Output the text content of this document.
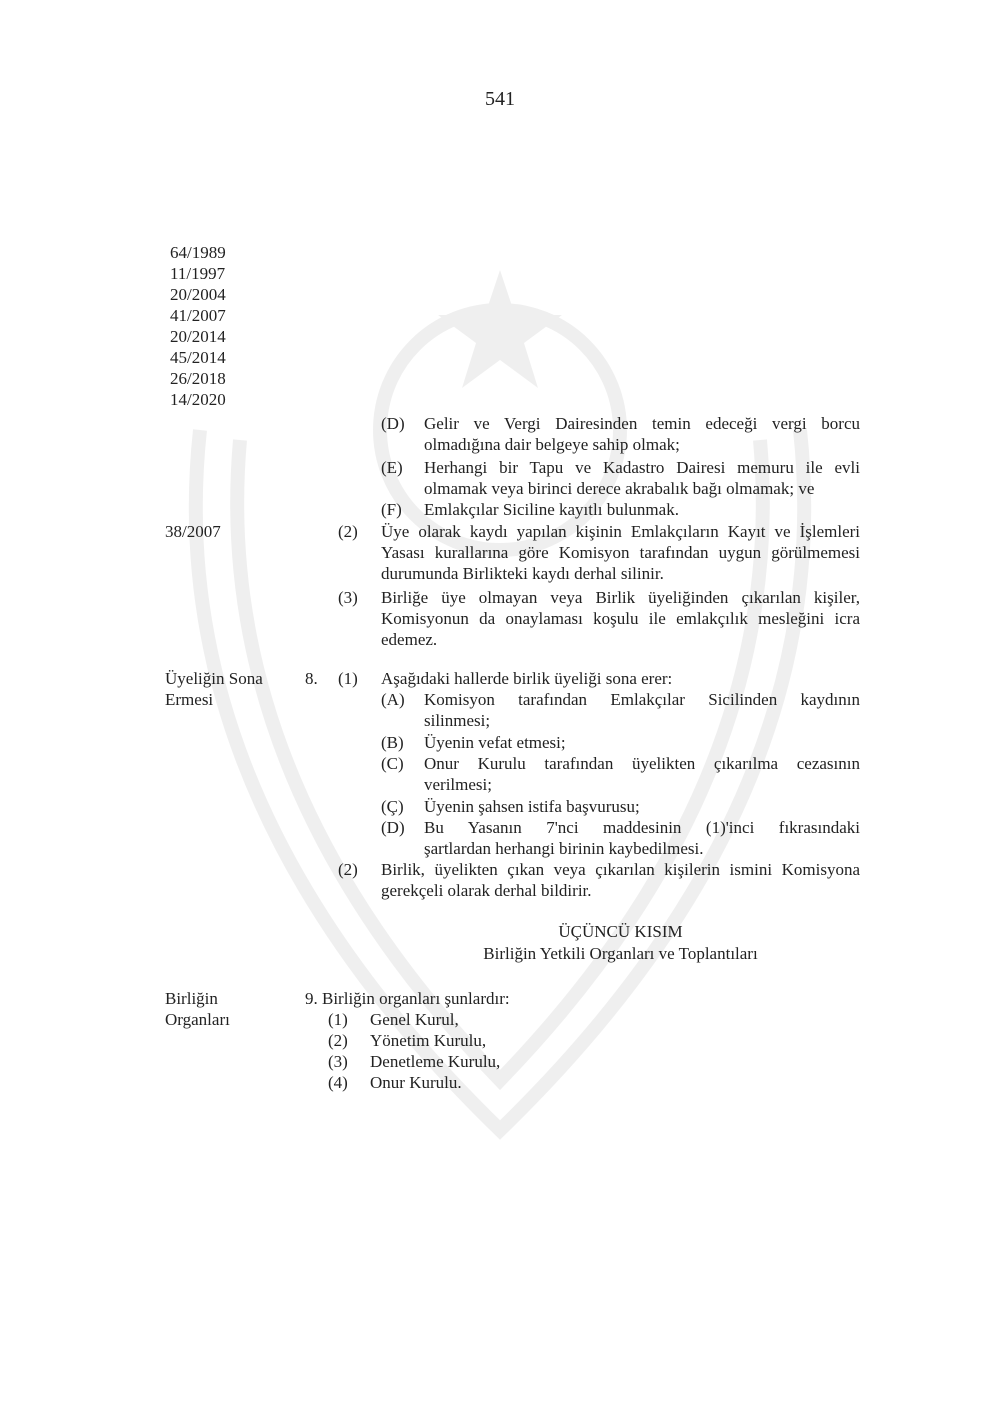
541
64/1989
11/1997
20/2004
41/2007
20/2014
45/2014
26/2018
14/2020
(D) Gelir ve Vergi Dairesinden temin edeceği vergi borcu
olmadığına dair belgeye sahip olmak;
(E) Herhangi bir Tapu ve Kadastro Dairesi memuru ile evli
olmamak veya birinci derece akrabalık bağı olmamak; ve
(F) Emlakçılar Siciline kayıtlı bulunmak.
38/2007	(2) Üye olarak kaydı yapılan kişinin Emlakçıların Kayıt ve İşlemleri
Yasası kurallarına göre Komisyon tarafından uygun görülmemesi
durumunda Birlikteki kaydı derhal silinir.
(3) Birliğe üye olmayan veya Birlik üyeliğinden çıkarılan kişiler,
Komisyonun da onaylaması koşulu ile emlakçılık mesleğini icra
edemez.
Üyeliğin Sona
Ermesi
8. (1) Aşağıdaki hallerde birlik üyeliği sona erer:
(A) Komisyon tarafından Emlakçılar Sicilinden kaydının
silinmesi;
(B) Üyenin vefat etmesi;
(C) Onur Kurulu tarafından üyelikten çıkarılma cezasının
verilmesi;
(Ç) Üyenin şahsen istifa başvurusu;
(D) Bu Yasanın 7'nci maddesinin (1)'inci fıkrasındaki
şartlardan herhangi birinin kaybedilmesi.
(2) Birlik, üyelikten çıkan veya çıkarılan kişilerin ismini Komisyona
gerekçeli olarak derhal bildirir.
ÜÇÜNCÜ KISIM
Birliğin Yetkili Organları ve Toplantıları
Birliğin
Organları
9. Birliğin organları şunlardır:
(1) Genel Kurul,
(2) Yönetim Kurulu,
(3) Denetleme Kurulu,
(4) Onur Kurulu.
